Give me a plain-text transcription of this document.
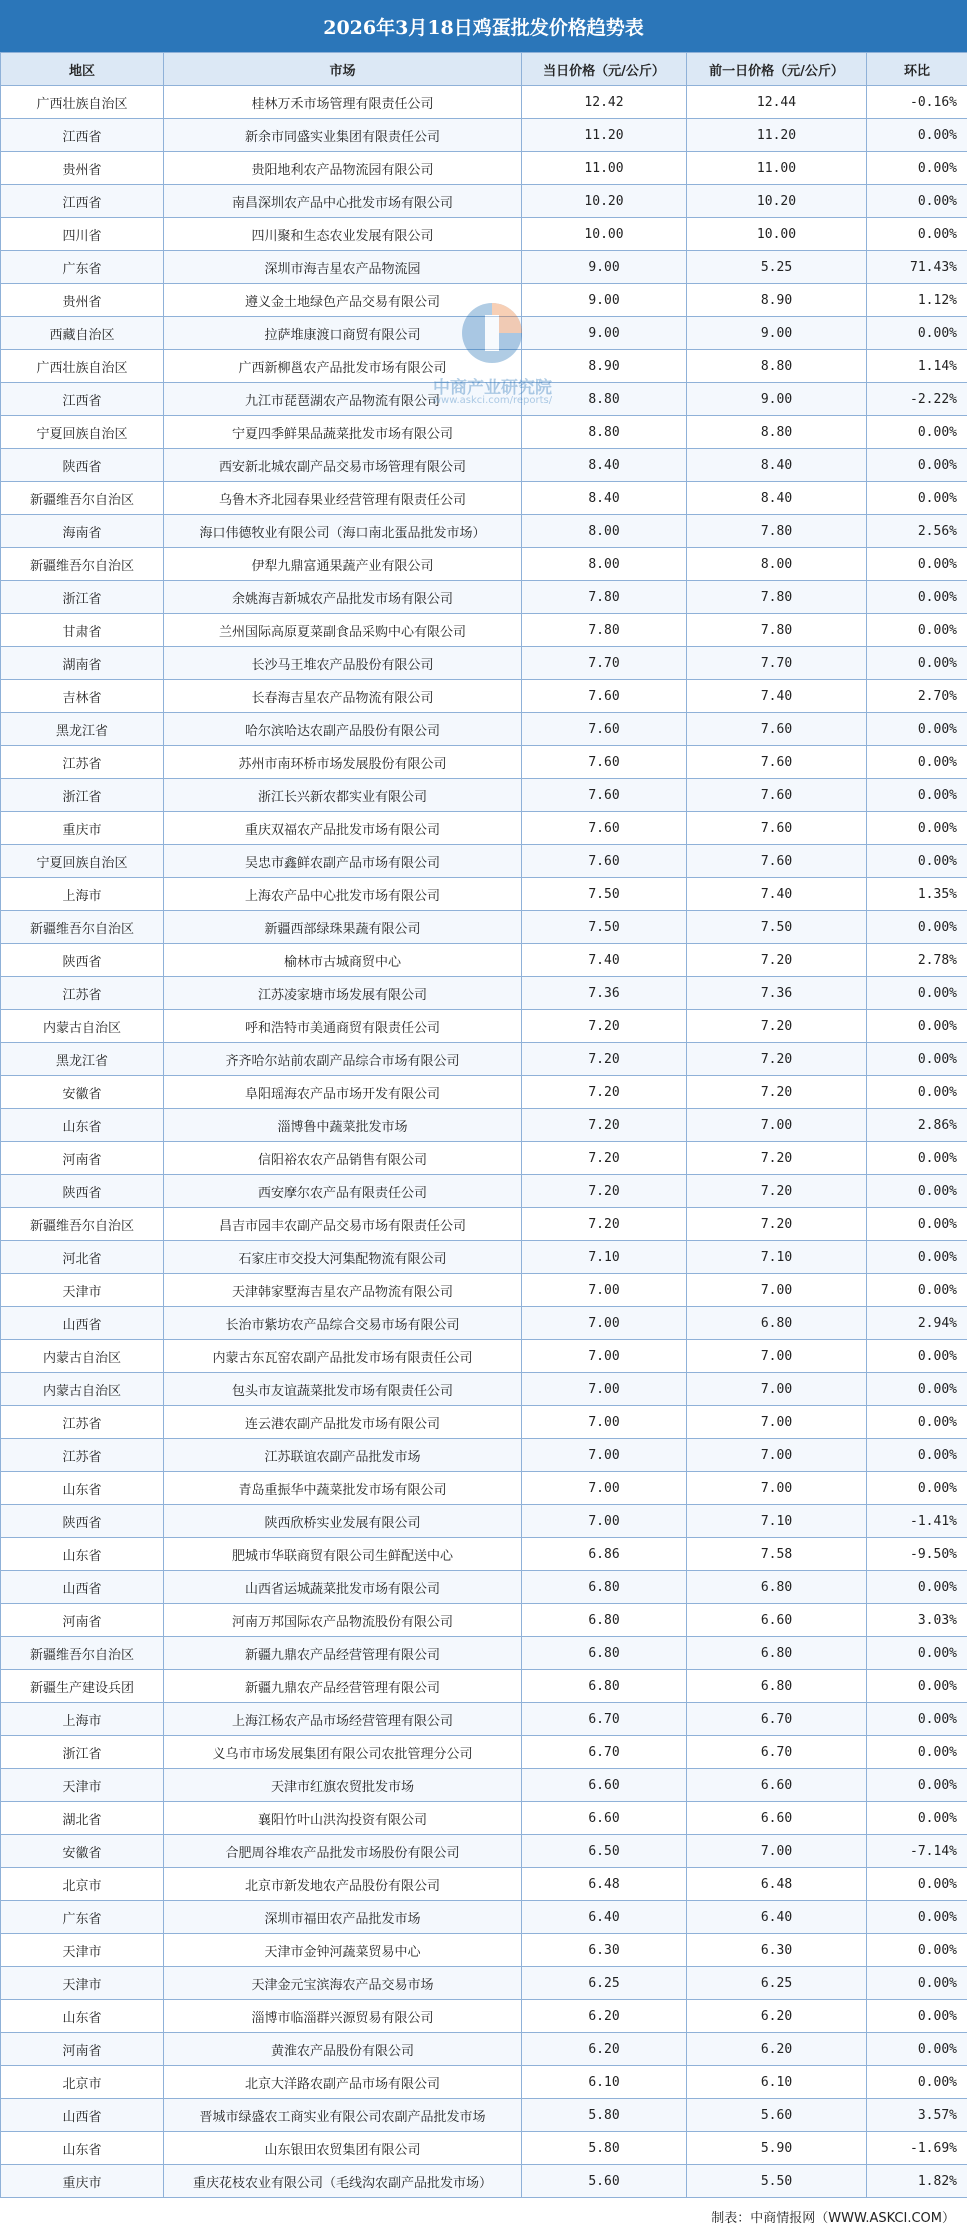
2026年3月18日鸡蛋批发价格趋势表
地区	市场	当日价格（元/公斤）	前一日价格（元/公斤）	环比
广西壮族自治区	桂林万禾市场管理有限责任公司	12.42	12.44	-0.16%
江西省	新余市同盛实业集团有限责任公司	11.20	11.20	0.00%
贵州省	贵阳地利农产品物流园有限公司	11.00	11.00	0.00%
江西省	南昌深圳农产品中心批发市场有限公司	10.20	10.20	0.00%
四川省	四川聚和生态农业发展有限公司	10.00	10.00	0.00%
广东省	深圳市海吉星农产品物流园	9.00	5.25	71.43%
贵州省	遵义金土地绿色产品交易有限公司	9.00	8.90	1.12%
西藏自治区	拉萨堆康渡口商贸有限公司	9.00	9.00	0.00%
广西壮族自治区	广西新柳邕农产品批发市场有限公司	8.90	8.80	1.14%
江西省	九江市琵琶湖农产品物流有限公司	8.80	9.00	-2.22%
宁夏回族自治区	宁夏四季鲜果品蔬菜批发市场有限公司	8.80	8.80	0.00%
陕西省	西安新北城农副产品交易市场管理有限公司	8.40	8.40	0.00%
新疆维吾尔自治区	乌鲁木齐北园春果业经营管理有限责任公司	8.40	8.40	0.00%
海南省	海口伟德牧业有限公司（海口南北蛋品批发市场）	8.00	7.80	2.56%
新疆维吾尔自治区	伊犁九鼎富通果蔬产业有限公司	8.00	8.00	0.00%
浙江省	余姚海吉新城农产品批发市场有限公司	7.80	7.80	0.00%
甘肃省	兰州国际高原夏菜副食品采购中心有限公司	7.80	7.80	0.00%
湖南省	长沙马王堆农产品股份有限公司	7.70	7.70	0.00%
吉林省	长春海吉星农产品物流有限公司	7.60	7.40	2.70%
黑龙江省	哈尔滨哈达农副产品股份有限公司	7.60	7.60	0.00%
江苏省	苏州市南环桥市场发展股份有限公司	7.60	7.60	0.00%
浙江省	浙江长兴新农都实业有限公司	7.60	7.60	0.00%
重庆市	重庆双福农产品批发市场有限公司	7.60	7.60	0.00%
宁夏回族自治区	吴忠市鑫鲜农副产品市场有限公司	7.60	7.60	0.00%
上海市	上海农产品中心批发市场有限公司	7.50	7.40	1.35%
新疆维吾尔自治区	新疆西部绿珠果蔬有限公司	7.50	7.50	0.00%
陕西省	榆林市古城商贸中心	7.40	7.20	2.78%
江苏省	江苏凌家塘市场发展有限公司	7.36	7.36	0.00%
内蒙古自治区	呼和浩特市美通商贸有限责任公司	7.20	7.20	0.00%
黑龙江省	齐齐哈尔站前农副产品综合市场有限公司	7.20	7.20	0.00%
安徽省	阜阳瑶海农产品市场开发有限公司	7.20	7.20	0.00%
山东省	淄博鲁中蔬菜批发市场	7.20	7.00	2.86%
河南省	信阳裕农农产品销售有限公司	7.20	7.20	0.00%
陕西省	西安摩尔农产品有限责任公司	7.20	7.20	0.00%
新疆维吾尔自治区	昌吉市园丰农副产品交易市场有限责任公司	7.20	7.20	0.00%
河北省	石家庄市交投大河集配物流有限公司	7.10	7.10	0.00%
天津市	天津韩家墅海吉星农产品物流有限公司	7.00	7.00	0.00%
山西省	长治市紫坊农产品综合交易市场有限公司	7.00	6.80	2.94%
内蒙古自治区	内蒙古东瓦窑农副产品批发市场有限责任公司	7.00	7.00	0.00%
内蒙古自治区	包头市友谊蔬菜批发市场有限责任公司	7.00	7.00	0.00%
江苏省	连云港农副产品批发市场有限公司	7.00	7.00	0.00%
江苏省	江苏联谊农副产品批发市场	7.00	7.00	0.00%
山东省	青岛重振华中蔬菜批发市场有限公司	7.00	7.00	0.00%
陕西省	陕西欣桥实业发展有限公司	7.00	7.10	-1.41%
山东省	肥城市华联商贸有限公司生鲜配送中心	6.86	7.58	-9.50%
山西省	山西省运城蔬菜批发市场有限公司	6.80	6.80	0.00%
河南省	河南万邦国际农产品物流股份有限公司	6.80	6.60	3.03%
新疆维吾尔自治区	新疆九鼎农产品经营管理有限公司	6.80	6.80	0.00%
新疆生产建设兵团	新疆九鼎农产品经营管理有限公司	6.80	6.80	0.00%
上海市	上海江杨农产品市场经营管理有限公司	6.70	6.70	0.00%
浙江省	义乌市市场发展集团有限公司农批管理分公司	6.70	6.70	0.00%
天津市	天津市红旗农贸批发市场	6.60	6.60	0.00%
湖北省	襄阳竹叶山洪沟投资有限公司	6.60	6.60	0.00%
安徽省	合肥周谷堆农产品批发市场股份有限公司	6.50	7.00	-7.14%
北京市	北京市新发地农产品股份有限公司	6.48	6.48	0.00%
广东省	深圳市福田农产品批发市场	6.40	6.40	0.00%
天津市	天津市金钟河蔬菜贸易中心	6.30	6.30	0.00%
天津市	天津金元宝滨海农产品交易市场	6.25	6.25	0.00%
山东省	淄博市临淄群兴源贸易有限公司	6.20	6.20	0.00%
河南省	黄淮农产品股份有限公司	6.20	6.20	0.00%
北京市	北京大洋路农副产品市场有限公司	6.10	6.10	0.00%
山西省	晋城市绿盛农工商实业有限公司农副产品批发市场	5.80	5.60	3.57%
山东省	山东银田农贸集团有限公司	5.80	5.90	-1.69%
重庆市	重庆花枝农业有限公司（毛线沟农副产品批发市场）	5.60	5.50	1.82%
中商产业研究院
www.askci.com/reports/
制表：中商情报网（WWW.ASKCI.COM）
